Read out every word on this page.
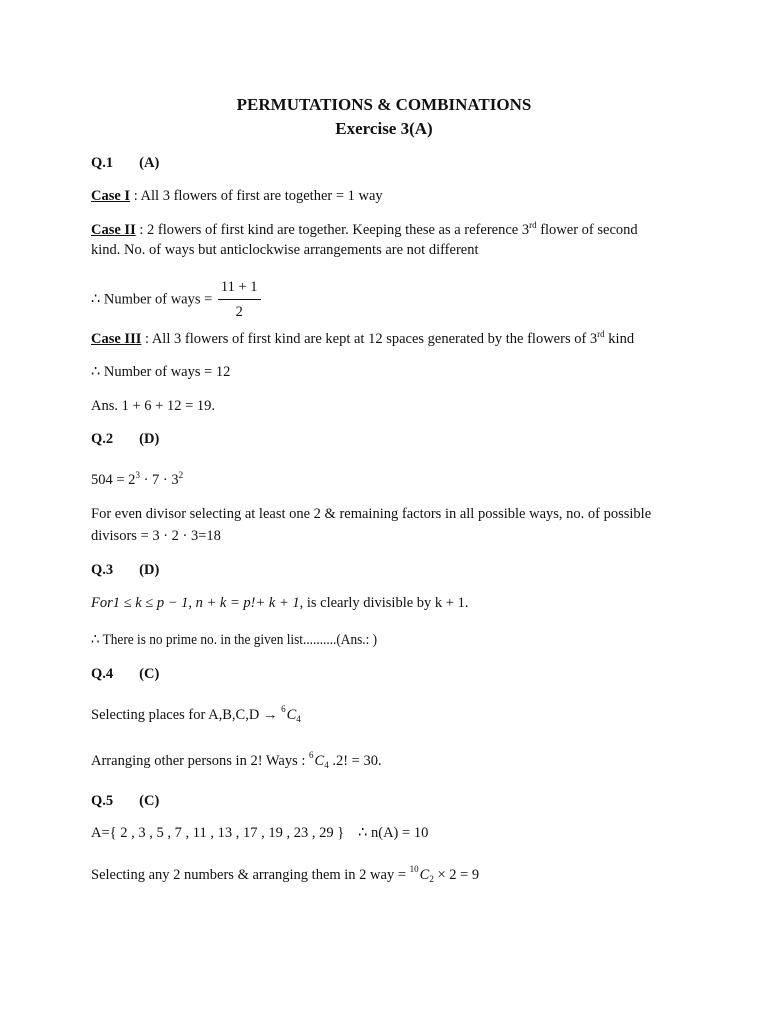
PERMUTATIONS & COMBINATIONS
Exercise 3(A)
Q.1 (A)
Case I : All 3 flowers of first are together = 1 way
Case II : 2 flowers of first kind are together. Keeping these as a reference 3rd flower of second
kind. No. of ways but anticlockwise arrangements are not different
∴ Number of ways = $\frac{11 + 1}{2}$
Case III : All 3 flowers of first kind are kept at 12 spaces generated by the flowers of 3rd kind
∴ Number of ways = 12
Ans. 1 + 6 + 12 = 19.
Q.2 (D)
$504 = 2^3 \cdot 7 \cdot 3^2$
For even divisor selecting at least one 2 & remaining factors in all possible ways, no. of possible
divisors = 3 · 2 · 3=18
Q.3 (D)
For1 ≤ k ≤ p − 1, n + k = p!+ k + 1, is clearly divisible by k + 1.
∴ There is no prime no. in the given list..........(Ans.: )
Q.4 (C)
Selecting places for $A,B,C,D \to ^6C_4$
Arranging other persons in 2! Ways : $^6C_4$ .2! = 30.
Q.5 (C)
A={ 2 , 3 , 5 , 7 , 11 , 13 , 17 , 19 , 23 , 29 } ∴ n(A) = 10
Selecting any 2 numbers & arranging them in 2 way = $^{10}C_2 \times 2 = 9$
